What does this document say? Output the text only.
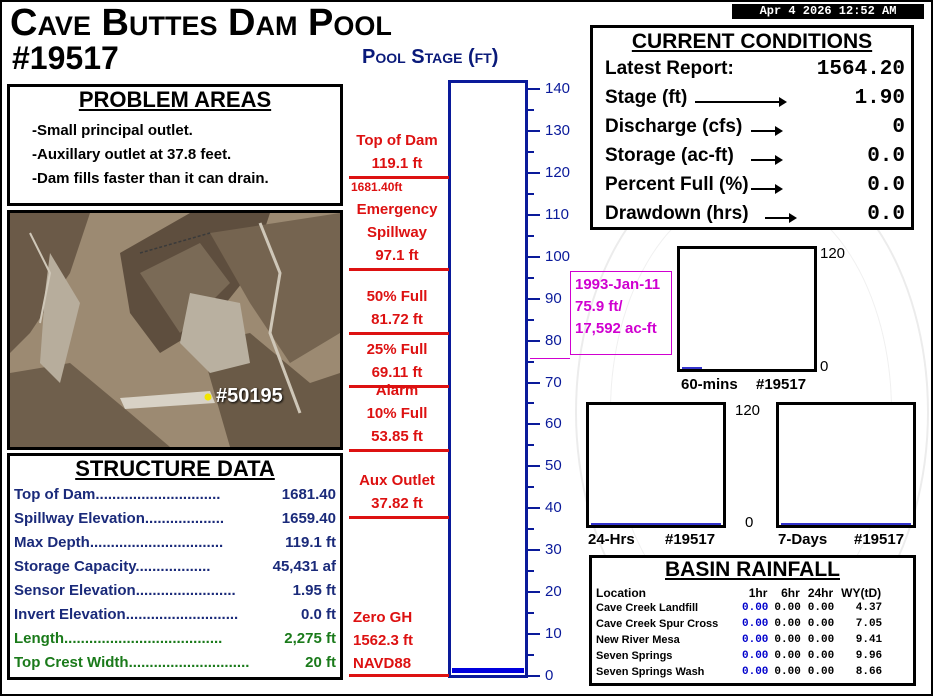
Cave Buttes Dam Pool
#19517
Apr 4 2026 12:52 AM
PROBLEM AREAS
-Small principal outlet.
-Auxillary outlet at 37.8 feet.
-Dam fills faster than it can drain.
#50195
STRUCTURE DATA
Top of Dam..............................	1681.40
Spillway Elevation...................	1659.40
Max Depth................................	119.1 ft
Storage Capacity..................	45,431 af
Sensor Elevation........................	1.95 ft
Invert Elevation...........................	0.0 ft
Length......................................	2,275 ft
Top Crest Width.............................	20 ft
Pool Stage (ft)
0
10
20
30
40
50
60
70
80
90
100
110
120
130
140
Top of Dam
119.1 ft
1681.40ft
Emergency
Spillway
97.1 ft
50% Full
81.72 ft
25% Full
69.11 ft
Alarm
10% Full
53.85 ft
Aux Outlet
37.82 ft
Zero GH
1562.3 ft
NAVD88
1993-Jan-11
75.9 ft/
17,592 ac-ft
CURRENT CONDITIONS
Latest Report:	1564.20
Stage (ft)	1.90
Discharge (cfs)	0
Storage (ac-ft)	0.0
Percent Full (%)	0.0
Drawdown (hrs)	0.0
120
0
60-mins #19517
120
0
24-Hrs #19517	7-Days #19517
BASIN RAINFALL
Location	1hr	6hr	24hr	WY(tD)
Cave Creek Landfill	0.00	0.00	0.00	4.37
Cave Creek Spur Cross	0.00	0.00	0.00	7.05
New River Mesa	0.00	0.00	0.00	9.41
Seven Springs	0.00	0.00	0.00	9.96
Seven Springs Wash	0.00	0.00	0.00	8.66
